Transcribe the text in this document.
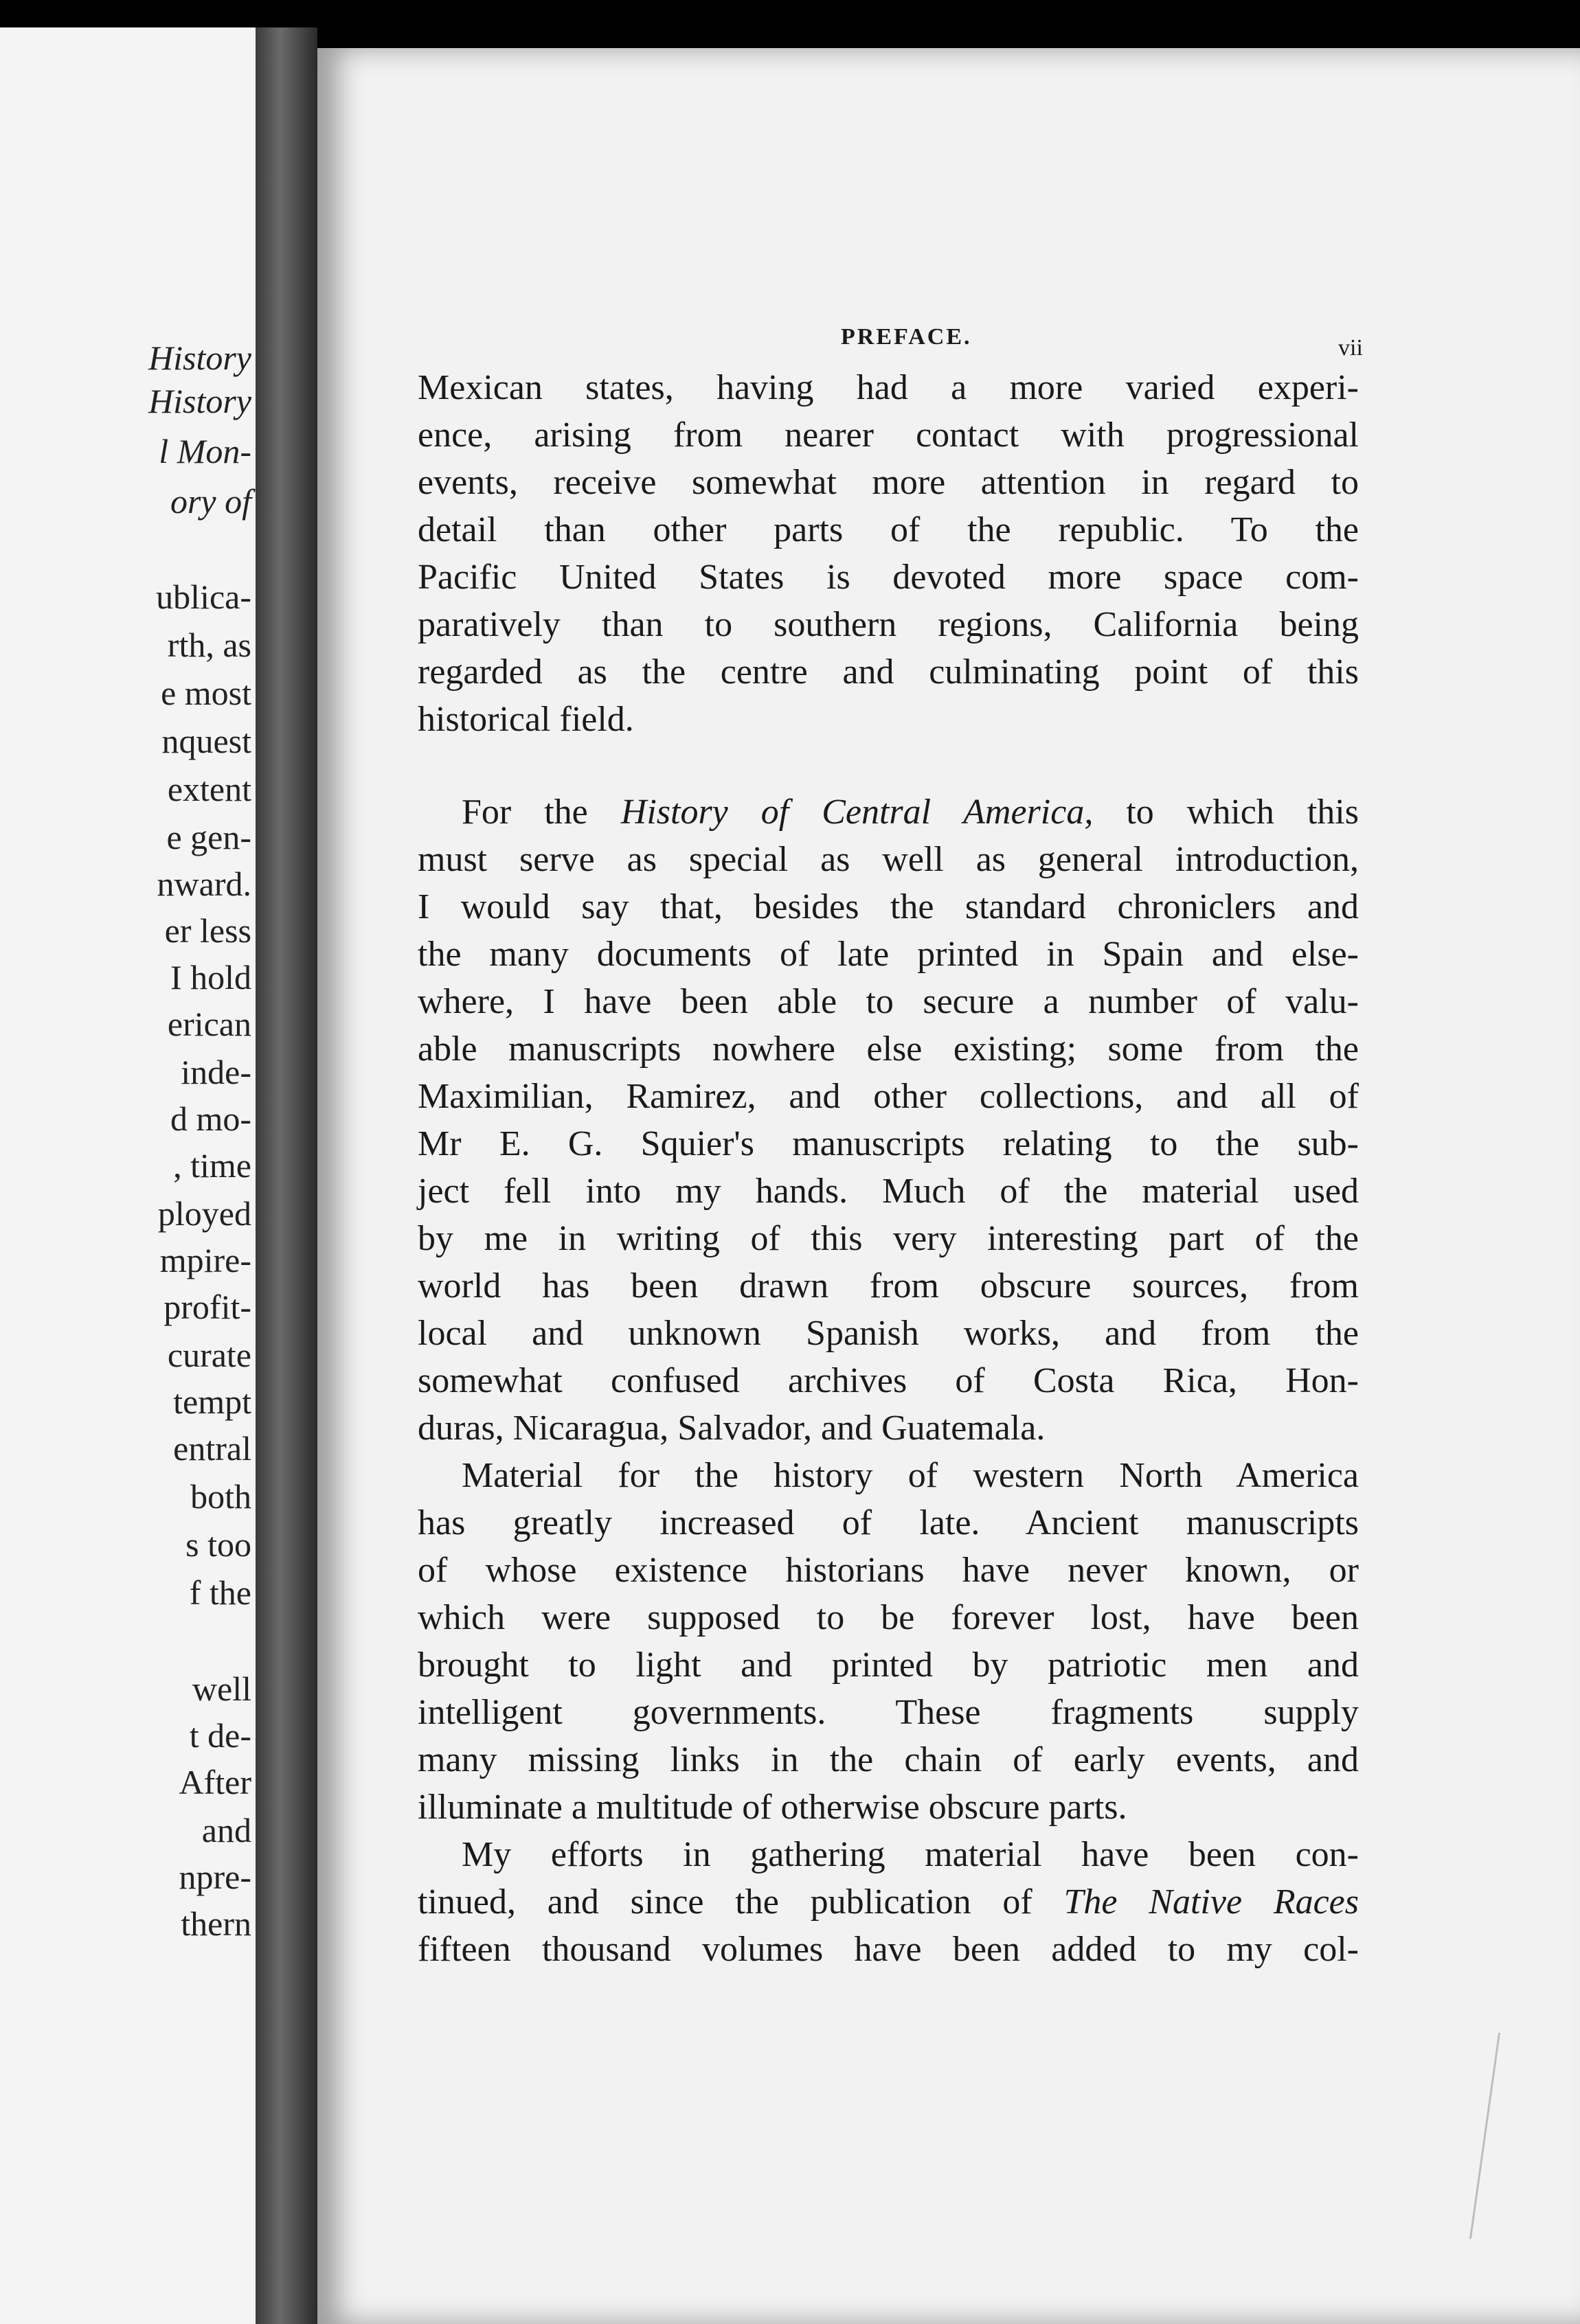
History
History
l Mon-
ory of
ublica-
rth, as
e most
nquest
extent
e gen-
nward.
er less
I hold
erican
inde-
d mo-
, time
ployed
mpire-
profit-
curate
tempt
entral
both
s too
f the
well
t de-
After
and
npre-
thern
PREFACE.	vii

Mexican states, having had a more varied experi-
ence, arising from nearer contact with progressional
events, receive somewhat more attention in regard to
detail than other parts of the republic. To the
Pacific United States is devoted more space com-
paratively than to southern regions, California being
regarded as the centre and culminating point of this
historical field.

For the History of Central America, to which this
must serve as special as well as general introduction,
I would say that, besides the standard chroniclers and
the many documents of late printed in Spain and else-
where, I have been able to secure a number of valu-
able manuscripts nowhere else existing; some from the
Maximilian, Ramirez, and other collections, and all of
Mr E. G. Squier's manuscripts relating to the sub-
ject fell into my hands. Much of the material used
by me in writing of this very interesting part of the
world has been drawn from obscure sources, from
local and unknown Spanish works, and from the
somewhat confused archives of Costa Rica, Hon-
duras, Nicaragua, Salvador, and Guatemala.

Material for the history of western North America
has greatly increased of late. Ancient manuscripts
of whose existence historians have never known, or
which were supposed to be forever lost, have been
brought to light and printed by patriotic men and
intelligent governments. These fragments supply
many missing links in the chain of early events, and
illuminate a multitude of otherwise obscure parts.

My efforts in gathering material have been con-
tinued, and since the publication of The Native Races
fifteen thousand volumes have been added to my col-
